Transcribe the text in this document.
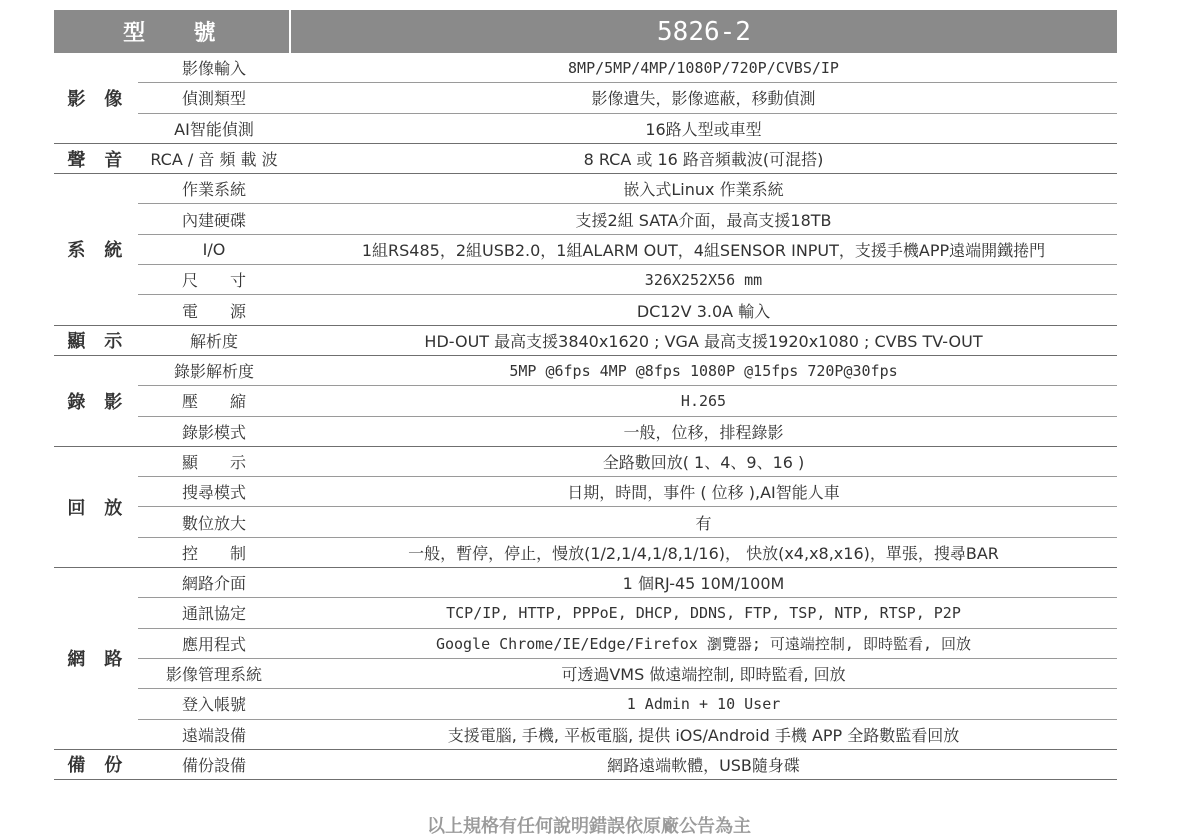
型 號	5826-2
影 像
影像輸入	8MP/5MP/4MP/1080P/720P/CVBS/IP
偵測類型	影像遺失，影像遮蔽，移動偵測
AI智能偵測	16路人型或車型
聲 音	RCA / 音 頻 載 波	8 RCA 或 16 路音頻載波(可混搭)
系 統
作業系統	嵌入式Linux 作業系統
內建硬碟	支援2組 SATA介面，最高支援18TB
I/O	1組RS485，2組USB2.0，1組ALARM OUT，4組SENSOR INPUT，支援手機APP遠端開鐵捲門
尺　　寸	326X252X56 mm
電　　源	DC12V 3.0A 輸入
顯 示	解析度	HD-OUT 最高支援3840x1620 ; VGA 最高支援1920x1080 ; CVBS TV-OUT
錄 影
錄影解析度	5MP @6fps 4MP @8fps 1080P @15fps 720P@30fps
壓　　縮	H.265
錄影模式	一般，位移，排程錄影
回 放
顯　　示	全路數回放( 1、4、9、16 )
搜尋模式	日期，時間，事件 ( 位移 ),AI智能人車
數位放大	有
控　　制	一般，暫停，停止，慢放(1/2,1/4,1/8,1/16)， 快放(x4,x8,x16)，單張，搜尋BAR
網 路
網路介面	1 個RJ-45 10M/100M
通訊協定	TCP/IP, HTTP, PPPoE, DHCP, DDNS, FTP, TSP, NTP, RTSP, P2P
應用程式	Google Chrome/IE/Edge/Firefox 瀏覽器; 可遠端控制, 即時監看, 回放
影像管理系統	可透過VMS 做遠端控制, 即時監看, 回放
登入帳號	1 Admin + 10 User
遠端設備	支援電腦, 手機, 平板電腦, 提供 iOS/Android 手機 APP 全路數監看回放
備 份	備份設備	網路遠端軟體，USB隨身碟
以上規格有任何說明錯誤依原廠公告為主
